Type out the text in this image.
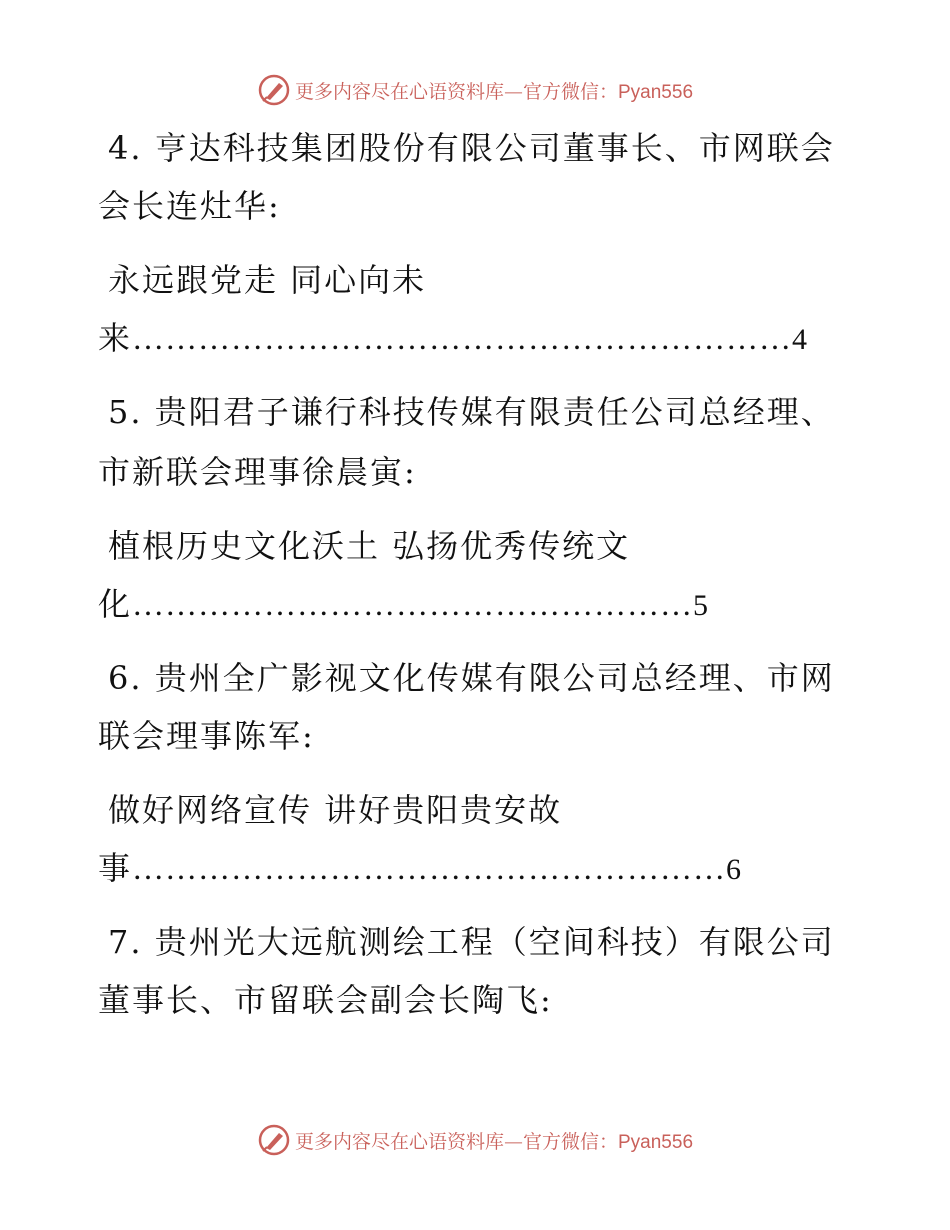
更多内容尽在心语资料库—官方微信：Pyan556
4. 亨达科技集团股份有限公司董事长、市网联会
会长连灶华:
永远跟党走 同心向未
来……………………………………………………4
5. 贵阳君子谦行科技传媒有限责任公司总经理、
市新联会理事徐晨寅:
植根历史文化沃土 弘扬优秀传统文
化……………………………………………5
6. 贵州全广影视文化传媒有限公司总经理、市网
联会理事陈军:
做好网络宣传 讲好贵阳贵安故
事………………………………………………6
7. 贵州光大远航测绘工程（空间科技）有限公司
董事长、市留联会副会长陶飞:
更多内容尽在心语资料库—官方微信：Pyan556
